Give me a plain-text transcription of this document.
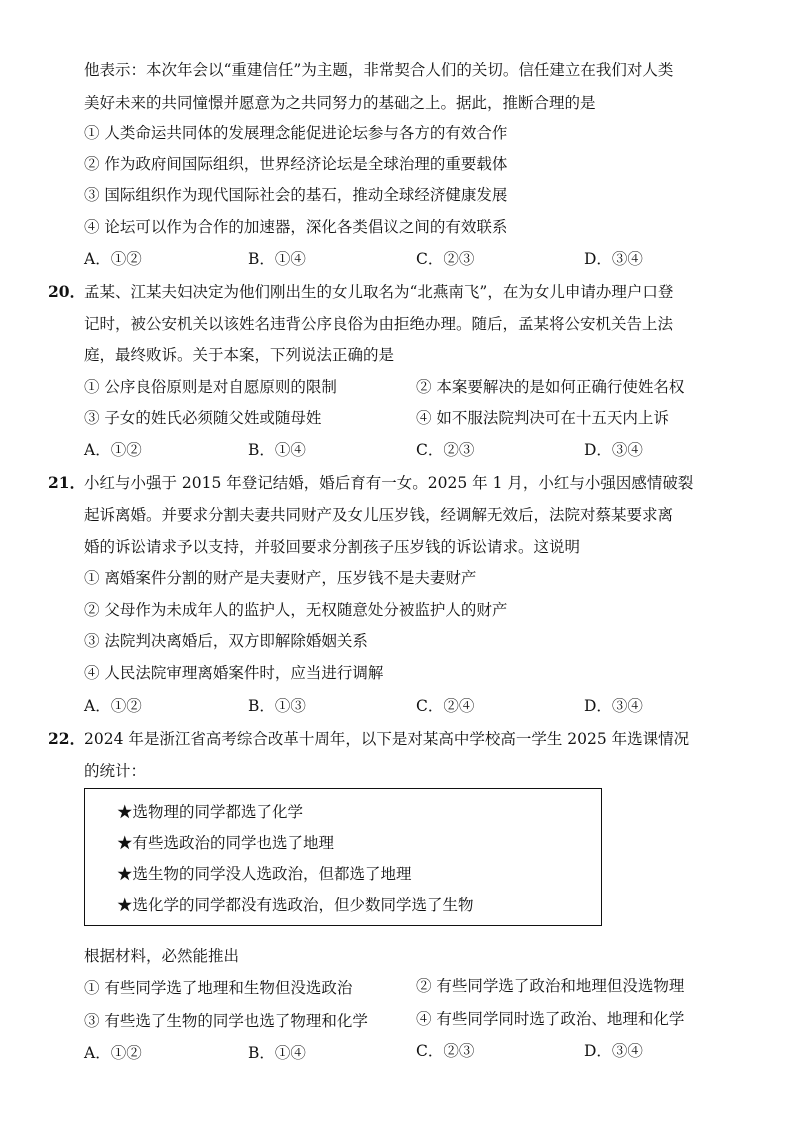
他表示：本次年会以“重建信任”为主题，非常契合人们的关切。信任建立在我们对人类
美好未来的共同憧憬并愿意为之共同努力的基础之上。据此，推断合理的是
① 人类命运共同体的发展理念能促进论坛参与各方的有效合作
② 作为政府间国际组织，世界经济论坛是全球治理的重要载体
③ 国际组织作为现代国际社会的基石，推动全球经济健康发展
④ 论坛可以作为合作的加速器，深化各类倡议之间的有效联系
A．①②	B．①④	C．②③	D．③④
20．
孟某、江某夫妇决定为他们刚出生的女儿取名为“北燕南飞”，在为女儿申请办理户口登
记时，被公安机关以该姓名违背公序良俗为由拒绝办理。随后，孟某将公安机关告上法
庭，最终败诉。关于本案，下列说法正确的是
① 公序良俗原则是对自愿原则的限制	② 本案要解决的是如何正确行使姓名权
③ 子女的姓氏必须随父姓或随母姓	④ 如不服法院判决可在十五天内上诉
A．①②	B．①④	C．②③	D．③④
21．
小红与小强于 2015 年登记结婚，婚后育有一女。2025 年 1 月，小红与小强因感情破裂
起诉离婚。并要求分割夫妻共同财产及女儿压岁钱，经调解无效后，法院对蔡某要求离
婚的诉讼请求予以支持，并驳回要求分割孩子压岁钱的诉讼请求。这说明
① 离婚案件分割的财产是夫妻财产，压岁钱不是夫妻财产
② 父母作为未成年人的监护人，无权随意处分被监护人的财产
③ 法院判决离婚后，双方即解除婚姻关系
④ 人民法院审理离婚案件时，应当进行调解
A．①②	B．①③	C．②④	D．③④
22．
2024 年是浙江省高考综合改革十周年，以下是对某高中学校高一学生 2025 年选课情况
的统计：
★选物理的同学都选了化学
★有些选政治的同学也选了地理
★选生物的同学没人选政治，但都选了地理
★选化学的同学都没有选政治，但少数同学选了生物
根据材料，必然能推出
① 有些同学选了地理和生物但没选政治	② 有些同学选了政治和地理但没选物理
③ 有些选了生物的同学也选了物理和化学	④ 有些同学同时选了政治、地理和化学
A．①②	B．①④	C．②③	D．③④
